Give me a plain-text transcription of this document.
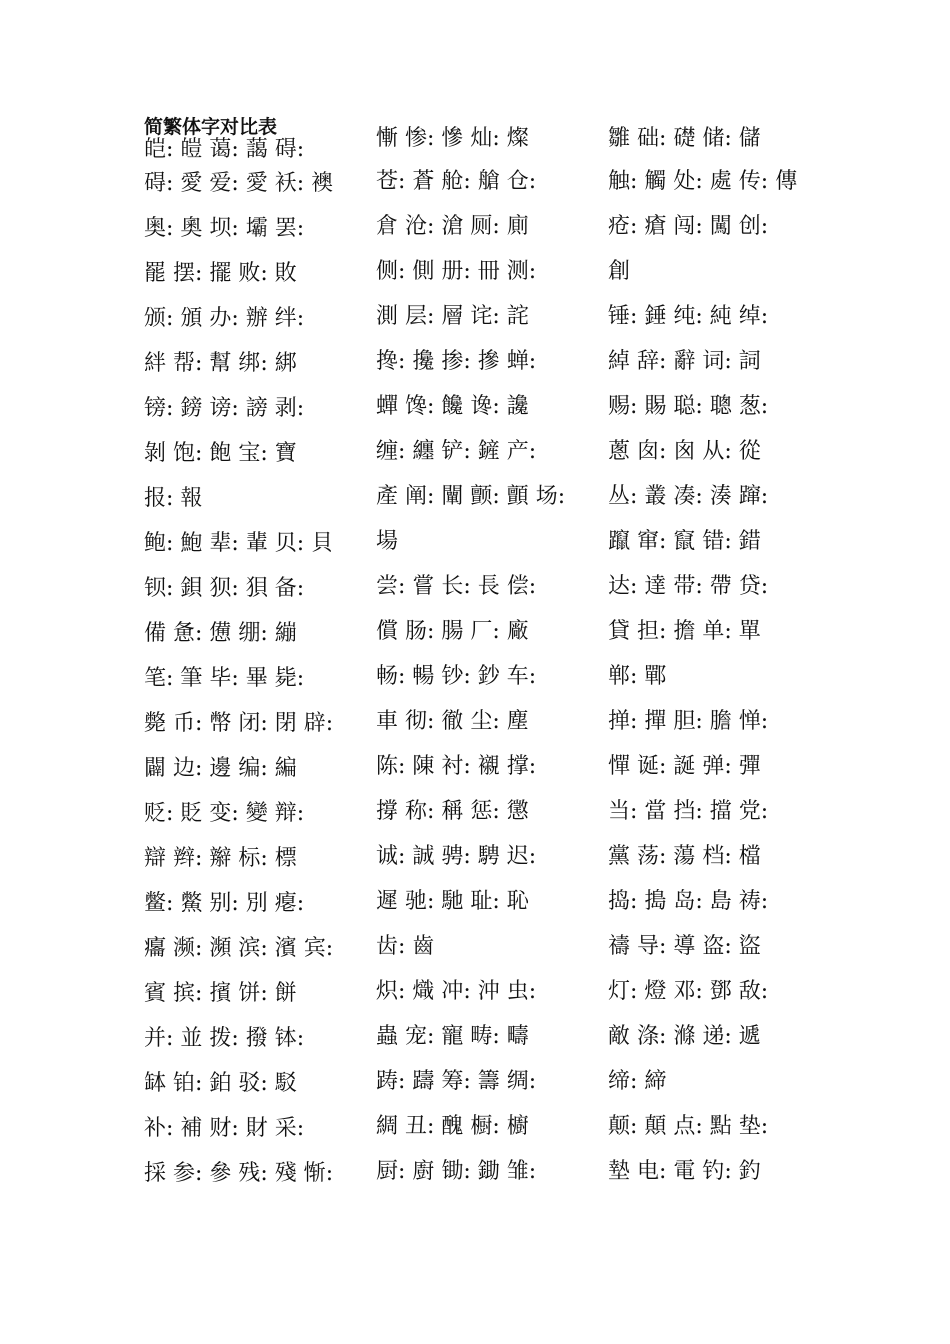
简繁体字对比表
皑: 皚 蔼: 藹 碍:
碍: 愛 爱: 愛 袄: 襖
奥: 奧 坝: 壩 罢:
罷 摆: 擺 败: 敗
颁: 頒 办: 辦 绊:
絆 帮: 幫 绑: 綁
镑: 鎊 谤: 謗 剥:
剝 饱: 飽 宝: 寶
报: 報
鲍: 鮑 辈: 輩 贝: 貝
钡: 鋇 狈: 狽 备:
備 惫: 憊 绷: 繃
笔: 筆 毕: 畢 毙:
斃 币: 幣 闭: 閉 辟:
闢 边: 邊 编: 編
贬: 貶 变: 變 辩:
辯 辫: 辮 标: 標
鳖: 鱉 别: 別 瘪:
癟 濒: 瀕 滨: 濱 宾:
賓 摈: 擯 饼: 餅
并: 並 拨: 撥 钵:
缽 铂: 鉑 驳: 駁
补: 補 财: 財 采:
採 参: 參 残: 殘 惭:
慚 惨: 慘 灿: 燦
苍: 蒼 舱: 艙 仓:
倉 沧: 滄 厕: 廁
侧: 側 册: 冊 测:
測 层: 層 诧: 詫
搀: 攙 掺: 摻 蝉:
蟬 馋: 饞 谗: 讒
缠: 纏 铲: 鏟 产:
產 阐: 闡 颤: 顫 场:
場
尝: 嘗 长: 長 偿:
償 肠: 腸 厂: 廠
畅: 暢 钞: 鈔 车:
車 彻: 徹 尘: 塵
陈: 陳 衬: 襯 撑:
撐 称: 稱 惩: 懲
诚: 誠 骋: 騁 迟:
遲 驰: 馳 耻: 恥
齿: 齒
炽: 熾 冲: 沖 虫:
蟲 宠: 寵 畴: 疇
踌: 躊 筹: 籌 绸:
綢 丑: 醜 橱: 櫥
厨: 廚 锄: 鋤 雏:
雛 础: 礎 储: 儲
触: 觸 处: 處 传: 傳
疮: 瘡 闯: 闖 创:
創
锤: 錘 纯: 純 绰:
綽 辞: 辭 词: 詞
赐: 賜 聪: 聰 葱:
蔥 囱: 囪 从: 從
丛: 叢 凑: 湊 蹿:
躥 窜: 竄 错: 錯
达: 達 带: 帶 贷:
貸 担: 擔 单: 單
郸: 鄲
掸: 撣 胆: 膽 惮:
憚 诞: 誕 弹: 彈
当: 當 挡: 擋 党:
黨 荡: 蕩 档: 檔
捣: 搗 岛: 島 祷:
禱 导: 導 盗: 盜
灯: 燈 邓: 鄧 敌:
敵 涤: 滌 递: 遞
缔: 締
颠: 顛 点: 點 垫:
墊 电: 電 钓: 釣
